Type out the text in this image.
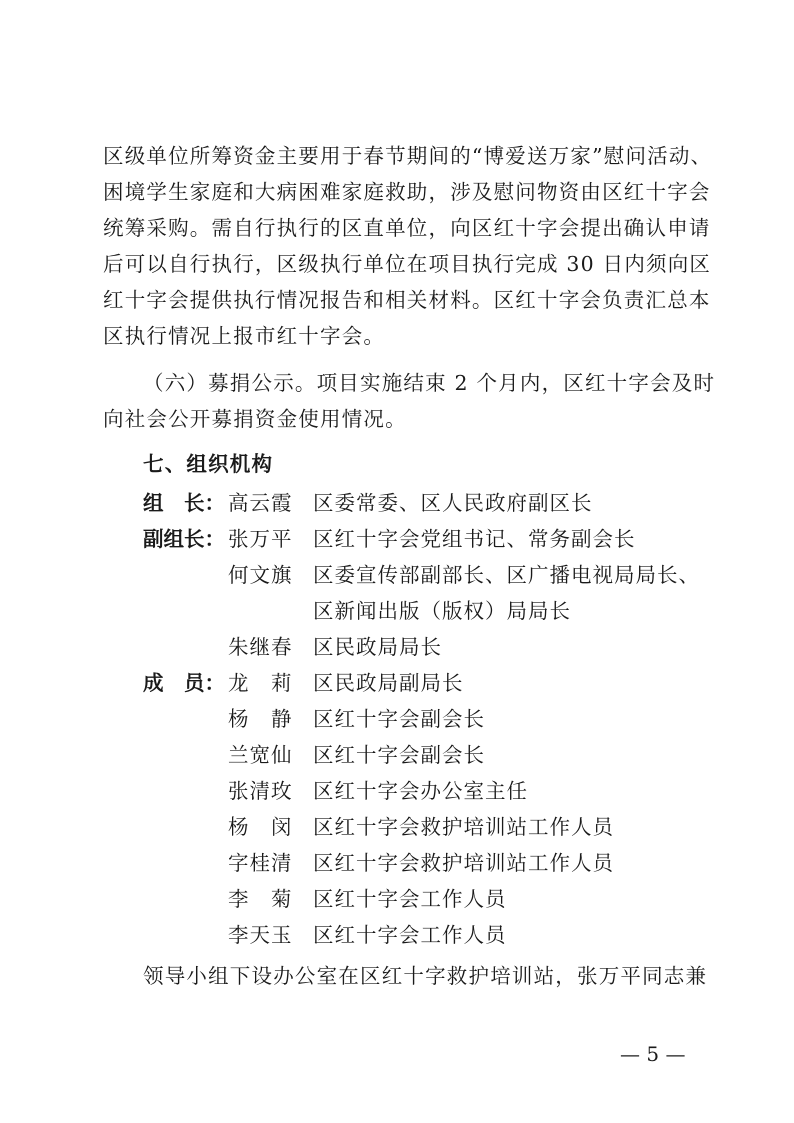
区级单位所筹资金主要用于春节期间的“博爱送万家”慰问活动、
困境学生家庭和大病困难家庭救助，涉及慰问物资由区红十字会
统筹采购。需自行执行的区直单位，向区红十字会提出确认申请
后可以自行执行，区级执行单位在项目执行完成 30 日内须向区
红十字会提供执行情况报告和相关材料。区红十字会负责汇总本
区执行情况上报市红十字会。
（六）募捐公示。项目实施结束 2 个月内，区红十字会及时
向社会公开募捐资金使用情况。
七、组织机构
组　长： 高云霞	区委常委、区人民政府副区长
副组长： 张万平	区红十字会党组书记、常务副会长
何文旗	区委宣传部副部长、区广播电视局局长、
区新闻出版（版权）局局长
朱继春	区民政局局长
成　员： 龙　莉	区民政局副局长
杨　静	区红十字会副会长
兰宽仙	区红十字会副会长
张清玫	区红十字会办公室主任
杨　闵	区红十字会救护培训站工作人员
字桂清	区红十字会救护培训站工作人员
李　菊	区红十字会工作人员
李天玉	区红十字会工作人员
领导小组下设办公室在区红十字救护培训站，张万平同志兼
— 5 —
